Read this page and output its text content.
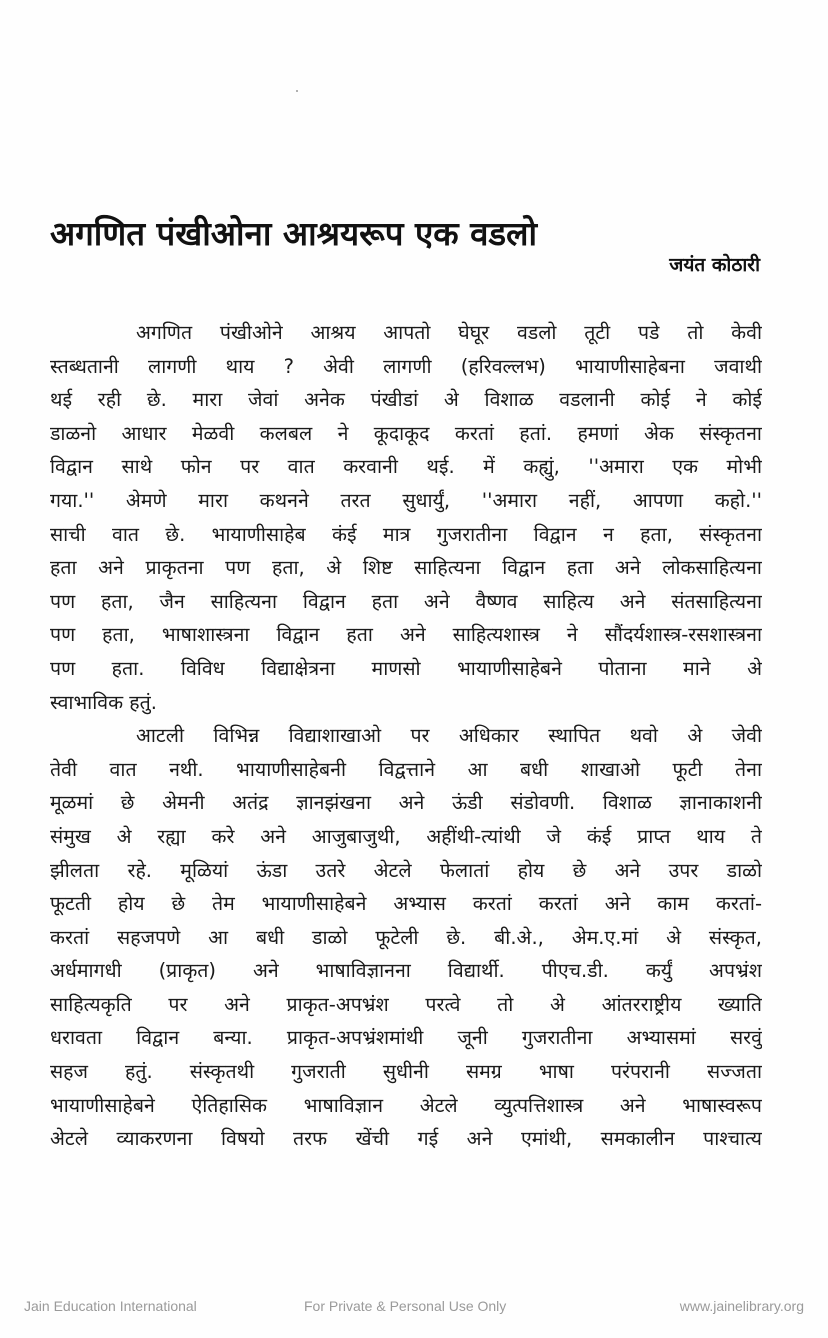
अगणित पंखीओना आश्रयरूप एक वडलो
जयंत कोठारी
अगणित पंखीओने आश्रय आपतो घेघूर वडलो तूटी पडे तो केवी
स्तब्धतानी लागणी थाय ? अेवी लागणी (हरिवल्लभ) भायाणीसाहेबना जवाथी
थई रही छे. मारा जेवां अनेक पंखीडां अे विशाळ वडलानी कोई ने कोई
डाळनो आधार मेळवी कलबल ने कूदाकूद करतां हतां. हमणां अेक संस्कृतना
विद्वान साथे फोन पर वात करवानी थई. में कह्युं, ''अमारा एक मोभी
गया.'' अेमणे मारा कथनने तरत सुधार्युं, ''अमारा नहीं, आपणा कहो.''
साची वात छे. भायाणीसाहेब कंई मात्र गुजरातीना विद्वान न हता, संस्कृतना
हता अने प्राकृतना पण हता, अे शिष्ट साहित्यना विद्वान हता अने लोकसाहित्यना
पण हता, जैन साहित्यना विद्वान हता अने वैष्णव साहित्य अने संतसाहित्यना
पण हता, भाषाशास्त्रना विद्वान हता अने साहित्यशास्त्र ने सौंदर्यशास्त्र-रसशास्त्रना
पण हता. विविध विद्याक्षेत्रना माणसो भायाणीसाहेबने पोताना माने अे
स्वाभाविक हतुं.
आटली विभिन्न विद्याशाखाओ पर अधिकार स्थापित थवो अे जेवी
तेवी वात नथी. भायाणीसाहेबनी विद्वत्ताने आ बधी शाखाओ फूटी तेना
मूळमां छे अेमनी अतंद्र ज्ञानझंखना अने ऊंडी संडोवणी. विशाळ ज्ञानाकाशनी
संमुख अे रह्या करे अने आजुबाजुथी, अहींथी-त्यांथी जे कंई प्राप्त थाय ते
झीलता रहे. मूळियां ऊंडा उतरे अेटले फेलातां होय छे अने उपर डाळो
फूटती होय छे तेम भायाणीसाहेबने अभ्यास करतां करतां अने काम करतां-
करतां सहजपणे आ बधी डाळो फूटेली छे. बी.अे., अेम.ए.मां अे संस्कृत,
अर्धमागधी (प्राकृत) अने भाषाविज्ञानना विद्यार्थी. पीएच.डी. कर्युं अपभ्रंश
साहित्यकृति पर अने प्राकृत-अपभ्रंश परत्वे तो अे आंतरराष्ट्रीय ख्याति
धरावता विद्वान बन्या. प्राकृत-अपभ्रंशमांथी जूनी गुजरातीना अभ्यासमां सरवुं
सहज हतुं. संस्कृतथी गुजराती सुधीनी समग्र भाषा परंपरानी सज्जता
भायाणीसाहेबने ऐतिहासिक भाषाविज्ञान अेटले व्युत्पत्तिशास्त्र अने भाषास्वरूप
अेटले व्याकरणना विषयो तरफ खेंची गई अने एमांथी, समकालीन पाश्चात्य
Jain Education International	For Private & Personal Use Only	www.jainelibrary.org
